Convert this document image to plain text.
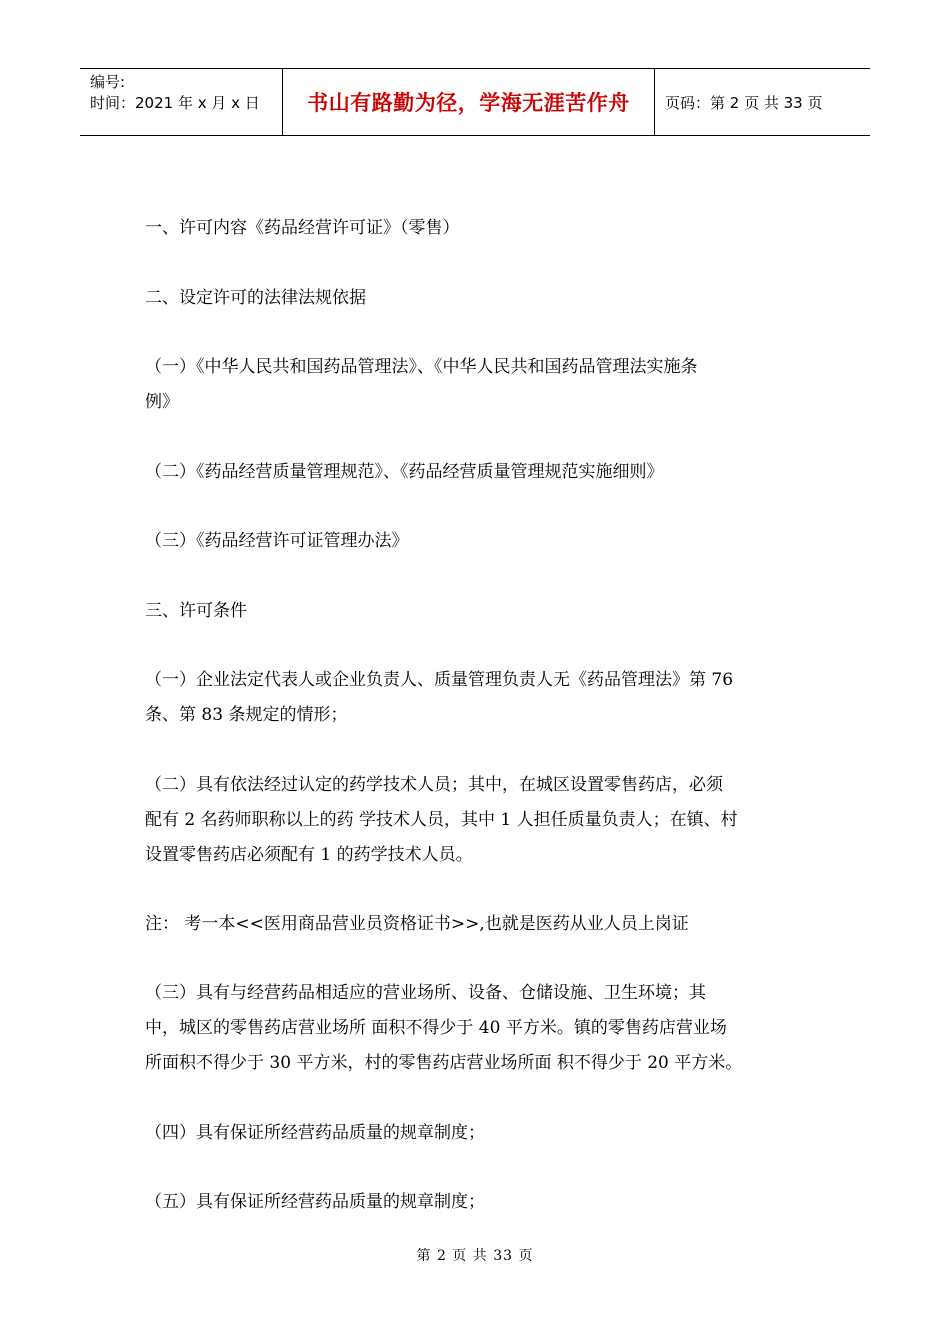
编号:
时间：2021 年 x 月 x 日	书山有路勤为径，学海无涯苦作舟	页码：第 2 页 共 33 页
一、许可内容《药品经营许可证》（零售）
二、设定许可的法律法规依据
（一）《中华人民共和国药品管理法》、《中华人民共和国药品管理法实施条
例》
（二）《药品经营质量管理规范》、《药品经营质量管理规范实施细则》
（三）《药品经营许可证管理办法》
三、许可条件
（一）企业法定代表人或企业负责人、质量管理负责人无《药品管理法》第 76
条、第 83 条规定的情形；
（二）具有依法经过认定的药学技术人员；其中，在城区设置零售药店，必须
配有 2 名药师职称以上的药 学技术人员，其中 1 人担任质量负责人；在镇、村
设置零售药店必须配有 1 的药学技术人员。
注： 考一本<<医用商品营业员资格证书>>,也就是医药从业人员上岗证
（三）具有与经营药品相适应的营业场所、设备、仓储设施、卫生环境；其
中，城区的零售药店营业场所 面积不得少于 40 平方米。镇的零售药店营业场
所面积不得少于 30 平方米，村的零售药店营业场所面 积不得少于 20 平方米。
（四）具有保证所经营药品质量的规章制度；
（五）具有保证所经营药品质量的规章制度；
第 2 页 共 33 页
